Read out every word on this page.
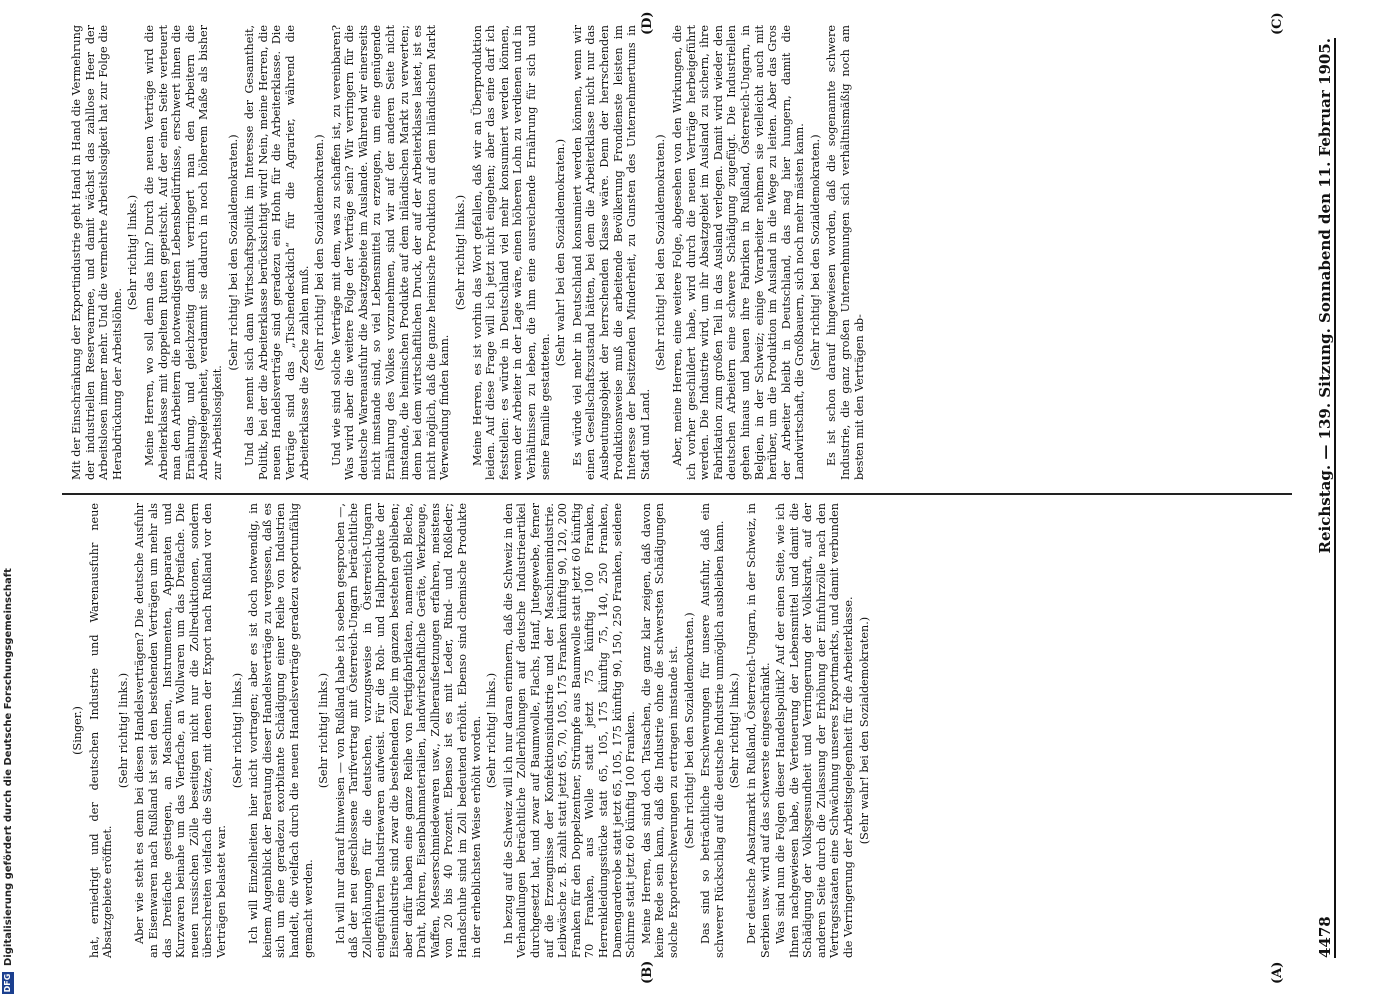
4478
Reichstag. — 139. Sitzung. Sonnabend den 11. Februar 1905.
(A)
(B)
(C)
(D)

(Singer.) hat, erniedrigt und der deutschen Industrie und Warenausfuhr neue Absatzgebiete eröffnet.

(Sehr richtig! links.) Aber wie steht es denn bei diesen Handelsverträgen? Die deutsche Ausfuhr an Eisenwaren nach Rußland ist seit den bestehenden Verträgen um mehr als das Dreifache gestiegen, an Maschinen, Instrumenten, Apparaten und Kurzwaren beinahe um das Vierfache, an Wollwaren um das Dreifache. Die neuen russischen Zölle beseitigen nicht nur die Zollreduktionen, sondern überschreiten vielfach die Sätze, mit denen der Export nach Rußland vor den Verträgen belastet war.

(Sehr richtig! links.) Ich will Einzelheiten hier nicht vortragen; aber es ist doch notwendig, in keinem Augenblick der Beratung dieser Handelsverträge zu vergessen, daß es sich um eine geradezu exorbitante Schädigung einer Reihe von Industrien handelt, die vielfach durch die neuen Handelsverträge geradezu exportunfähig gemacht werden.

(Sehr richtig! links.) Ich will nur darauf hinweisen — von Rußland habe ich soeben gesprochen —, daß der neu geschlossene Tarifvertrag mit Österreich-Ungarn beträchtliche Zollerhöhungen für die deutschen, vorzugsweise in Österreich-Ungarn eingeführten Industriewaren aufweist. Für die Roh- und Halbprodukte der Eisenindustrie sind zwar die bestehenden Zölle im ganzen bestehen geblieben; aber dafür haben eine ganze Reihe von Fertigfabrikaten, namentlich Bleche, Draht, Röhren, Eisenbahnmaterialien, landwirtschaftliche Geräte, Werkzeuge, Waffen, Messerschmiedewaren usw., Zollheraufsetzungen erfahren, meistens von 20 bis 40 Prozent. Ebenso ist es mit Leder, Rind- und Roßleder; Handschuhe sind im Zoll bedeutend erhöht. Ebenso sind chemische Produkte in der erheblichsten Weise erhöht worden. (Sehr richtig! links.) In bezug auf die Schweiz will ich nur daran erinnern, daß die Schweiz in den Verhandlungen beträchtliche Zollerhöhungen auf deutsche Industrieartikel durchgesetzt hat, und zwar auf Baumwolle, Flachs, Hanf, Jutegewebe, ferner auf die Erzeugnisse der Konfektionsindustrie und der Maschinenindustrie. Leibwäsche z. B. zahlt statt jetzt 65, 70, 105, 175 Franken künftig 90, 120, 200 Franken für den Doppelzentner, Strümpfe aus Baumwolle statt jetzt 60 künftig 70 Franken, aus Wolle statt jetzt 75 künftig 100 Franken, Herrenkleidungsstücke statt 65, 105, 175 künftig 75, 140, 250 Franken, Damengarderobe statt jetzt 65, 105, 175 künftig 90, 150, 250 Franken, seidene Schirme statt jetzt 60 künftig 100 Franken. Meine Herren, das sind doch Tatsachen, die ganz klar zeigen, daß davon keine Rede sein kann, daß die Industrie ohne die schwersten Schädigungen solche Exporterschwerungen zu ertragen imstande ist. (Sehr richtig! bei den Sozialdemokraten.) Das sind so beträchtliche Erschwerungen für unsere Ausfuhr, daß ein schwerer Rückschlag auf die deutsche Industrie unmöglich ausbleiben kann. (Sehr richtig! links.) Der deutsche Absatzmarkt in Rußland, Österreich-Ungarn, in der Schweiz, in Serbien usw. wird auf das schwerste eingeschränkt. Was sind nun die Folgen dieser Handelspolitik? Auf der einen Seite, wie ich Ihnen nachgewiesen habe, die Verteuerung der Lebensmittel und damit die Schädigung der Volksgesundheit und Verringerung der Volkskraft, auf der anderen Seite durch die Zulassung der Erhöhung der Einfuhrzölle nach den Vertragsstaaten eine Schwächung unseres Exportmarkts, und damit verbunden die Verringerung der Arbeitsgelegenheit für die Arbeiterklasse. (Sehr wahr! bei den Sozialdemokraten.)

Mit der Einschränkung der Exportindustrie geht Hand in Hand die Vermehrung der industriellen Reservearmee, und damit wächst das zahllose Heer der Arbeitslosen immer mehr. Und die vermehrte Arbeitslosigkeit hat zur Folge die Herabdrückung der Arbeitslöhne.

(Sehr richtig! links.) Meine Herren, wo soll denn das hin? Durch die neuen Verträge wird die Arbeiterklasse mit doppeltem Ruten gepeitscht. Auf der einen Seite verteuert man den Arbeitern die notwendigsten Lebensbedürfnisse, erschwert ihnen die Ernährung, und gleichzeitig damit verringert man den Arbeitern die Arbeitsgelegenheit, verdammt sie dadurch in noch höherem Maße als bisher zur Arbeitslosigkeit.

(Sehr richtig! bei den Sozialdemokraten.) Und das nennt sich dann Wirtschaftspolitik im Interesse der Gesamtheit, Politik, bei der die Arbeiterklasse berücksichtigt wird! Nein, meine Herren, die neuen Handelsverträge sind geradezu ein Hohn für die Arbeiterklasse. Die Verträge sind das „Tischendeckdich“ für die Agrarier, während die Arbeiterklasse die Zeche zahlen muß.

(Sehr richtig! bei den Sozialdemokraten.) Und wie sind solche Verträge mit dem, was zu schaffen ist, zu vereinbaren? Was wird aber die weitere Folge der Verträge sein? Wir verringern für die deutsche Warenausfuhr die Absatzgebiete im Auslande. Während wir einerseits nicht imstande sind, so viel Lebensmittel zu erzeugen, um eine genügende Ernährung des Volkes vorzunehmen, sind wir auf der anderen Seite nicht imstande, die heimischen Produkte auf dem inländischen Markt zu verwerten; denn bei dem wirtschaftlichen Druck, der auf der Arbeiterklasse lastet, ist es nicht möglich, daß die ganze heimische Produktion auf dem inländischen Markt Verwendung finden kann.

(Sehr richtig! links.) Meine Herren, es ist vorhin das Wort gefallen, daß wir an Überproduktion leiden. Auf diese Frage will ich jetzt nicht eingehen; aber das eine darf ich feststellen: es würde in Deutschland viel mehr konsumiert werden können, wenn der Arbeiter in der Lage wäre, einen höheren Lohn zu verdienen und in Verhältnissen zu leben, die ihm eine ausreichende Ernährung für sich und seine Familie gestatteten.

(Sehr wahr! bei den Sozialdemokraten.) Es würde viel mehr in Deutschland konsumiert werden können, wenn wir einen Gesellschaftszustand hätten, bei dem die Arbeiterklasse nicht nur das Ausbeutungsobjekt der herrschenden Klasse wäre. Denn der herrschenden Produktionsweise muß die arbeitende Bevölkerung Frondienste leisten im Interesse der besitzenden Minderheit, zu Gunsten des Unternehmertums in Stadt und Land.

(Sehr richtig! bei den Sozialdemokraten.) Aber, meine Herren, eine weitere Folge, abgesehen von den Wirkungen, die ich vorher geschildert habe, wird durch die neuen Verträge herbeigeführt werden. Die Industrie wird, um ihr Absatzgebiet im Ausland zu sichern, ihre Fabrikation zum großen Teil in das Ausland verlegen. Damit wird wieder den deutschen Arbeitern eine schwere Schädigung zugefügt. Die Industriellen gehen hinaus und bauen ihre Fabriken in Rußland, Österreich-Ungarn, in Belgien, in der Schweiz; einige Vorarbeiter nehmen sie vielleicht auch mit herüber, um die Produktion im Ausland in die Wege zu leiten. Aber das Gros der Arbeiter bleibt in Deutschland, das mag hier hungern, damit die Landwirtschaft, die Großbauern, sich noch mehr mästen kann. (Sehr richtig! bei den Sozialdemokraten.) Es ist schon darauf hingewiesen worden, daß die sogenannte schwere Industrie, die ganz großen Unternehmungen sich verhältnismäßig noch am besten mit den Verträgen ab-

DFG
Digitalisierung gefördert durch die Deutsche Forschungsgemeinschaft
